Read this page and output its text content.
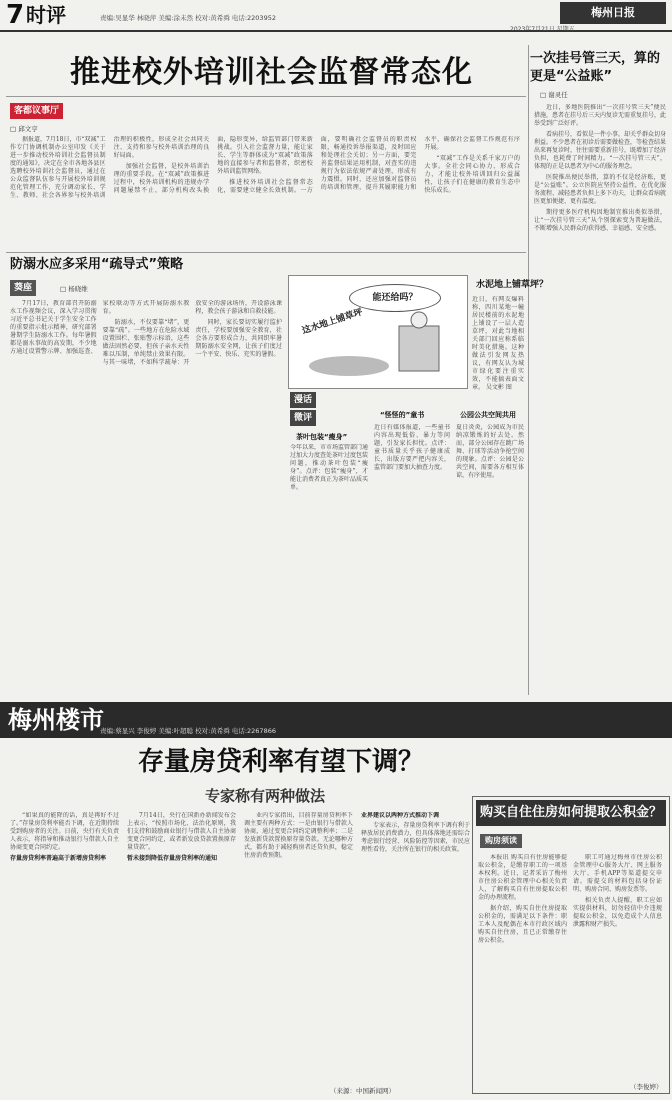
7 时评	责编:吴显华 林晓萍 美编:涂未然 校对:黄希舜 电话:2203952	梅州日报
2023年7月21日 星期五
推进校外培训社会监督常态化	一次挂号管三天，算的更是“公益账”
□ 谢灵任

近日，多地医院推出“一次挂号管三天”便民措施，患者在挂号后三天内复诊无需重复挂号，此举受到广泛好评。

看病挂号，看似是一件小事，却关乎群众切身利益。不少患者在初诊后需要做检查，等检查结果出来再复诊时，往往需要重新挂号，既增加了经济负担，也耗费了时间精力。“一次挂号管三天”，体现的正是以患者为中心的服务理念。

医院推出便民举措，算的不仅是经济账，更是“公益账”。公立医院应坚持公益性，在优化服务流程、减轻患者负担上多下功夫，让群众看病就医更加便捷、更有温度。

期待更多医疗机构因地制宜推出类似举措，让“一次挂号管三天”从个别探索变为普遍做法，不断增强人民群众的获得感、幸福感、安全感。

客都议事厅
□ 邱文亨

据报道，7月18日，市“双减”工作专门协调机制办公室印发《关于进一步推动校外培训社会监督员制度的通知》，决定在全市各地各县区选聘校外培训社会监督员，通过在公众监督队伍参与开展校外培训规范化管理工作，充分调动家长、学生、教师、社会各界参与校外培训治理的积极性，形成全社会共同关注、支持和参与校外培训治理的良好局面。

加强社会监督，是校外培训治理的重要手段。在“双减”政策推进过程中，校外培训机构的违规办学问题屡禁不止，部分机构改头换面，隐形变异，给监管部门带来新挑战。引入社会监督力量，能让家长、学生等群体成为“双减”政策落地的直接参与者和监督者，织密校外培训监管网络。

推进校外培训社会监督常态化，需要建立健全长效机制。一方面，要明确社会监督员的职责权限，畅通投诉举报渠道，及时回应和处理社会关切；另一方面，要完善监督结果运用机制，对查实的违规行为依法依规严肃处理，形成有力震慑。同时，还应加强对监督员的培训和管理，提升其履职能力和水平，确保社会监督工作规范有序开展。

“双减”工作是关系千家万户的大事。全社会同心协力、形成合力，才能让校外培训回归公益属性，让孩子们在健康的教育生态中快乐成长。

防溺水应多采用“疏导式”策略
葵座	□ 杨晓维

7月17日，教育部召开防溺水工作视频会议，深入学习贯彻习近平总书记关于学生安全工作的重要指示批示精神，研究部署暑期学生防溺水工作。每年暑假都是溺水事故的高发期，不少地方通过设置警示牌、加强巡查、家校联动等方式开展防溺水教育。

防溺水，不仅要靠“堵”，更要靠“疏”。一些地方在危险水域设置围栏、张贴警示标语，这些做法固然必要，但孩子亲水天性难以压制，单纯禁止效果有限。与其一味堵，不如科学疏导：开放安全的游泳场所，开设游泳课程，教会孩子游泳和自救技能。

同时，家长要切实履行监护责任，学校要加强安全教育，社会各方要形成合力，共同织牢暑期防溺水安全网，让孩子们度过一个平安、快乐、充实的暑假。

能还给吗？
这水地上铺草坪
漫话
水泥地上铺草坪？
近日，有网友爆料称，四川某地一幢居民楼前的水泥地上铺设了一层人造草坪，对此当地相关部门回应称系临时美化措施。这种做法引发网友热议，有网友认为城市绿化要注重实效，不能搞表面文章。 吴文彬 图
微评
茶叶包装“瘦身”
今年以来，市市场监管部门通过加大力度查处茶叶过度包装问题，推动茶叶包装“瘦身”。点评：包装“瘦身”，才能让消费者真正为茶叶品质买单。
“怪怪的”童书
近日有媒体报道，一些童书内容出现低俗、暴力等问题，引发家长担忧。点评：童书质量关乎孩子健康成长，出版方要严把内容关，监管部门要加大抽查力度。
公园公共空间共用
夏日炎炎，公园成为市民纳凉锻炼的好去处。然而，部分公园存在跳广场舞、打球等活动争抢空间的现象。点评：公园是公共空间，需要各方相互体谅，有序使用。
梅州楼市
责编:蔡显兴 李俊婷 美编:叶超聪 校对:黄希舜 电话:2267866
存量房贷利率有望下调？
专家称有两种做法

“如果真的能降的话，真是再好不过了。”存量房贷利率能否下调，在近期持续受到购房者的关注。日前，央行有关负责人表示，将指导和推动银行与借款人自主协商变更合同约定。

存量房贷利率普遍高于新增房贷利率

7月14日，央行在国新办新闻发布会上表示，“按照市场化、法治化原则，我们支持和鼓励商业银行与借款人自主协商变更合同约定，或者新发放贷款置换原存量贷款”。

暂未接到降低存量房贷利率的通知

业内专家指出，目前存量房贷利率下调主要有两种方式：一是由银行与借款人协商，通过变更合同约定调整利率；二是发放新贷款置换原存量贷款。无论哪种方式，都有助于减轻购房者还贷负担，稳定住房消费预期。

业界建议以两种方式推动下调

专家表示，存量房贷利率下调有利于释放居民消费潜力，但具体落地还需综合考虑银行经营、风险防控等因素，市民应理性看待，关注所在银行的相关政策。

（来源：中国新闻网）
购买自住住房如何提取公积金？
购房须读

本报讯 购买自有住房能够提取公积金，是缴存职工的一项基本权利。近日，记者采访了梅州市住房公积金管理中心相关负责人，了解购买自有住房提取公积金的办理流程。

据介绍，购买自住住房提取公积金的，需满足以下条件：职工本人及配偶在本市行政区域内购买自住住房，且已正常缴存住房公积金。

职工可通过梅州市住房公积金管理中心服务大厅、网上服务大厅、手机APP等渠道提交申请。需提交的材料包括身份证明、购房合同、购房发票等。

相关负责人提醒，职工应如实提供材料，切勿轻信中介违规提取公积金，以免造成个人信息泄露和财产损失。

（李俊婷）
